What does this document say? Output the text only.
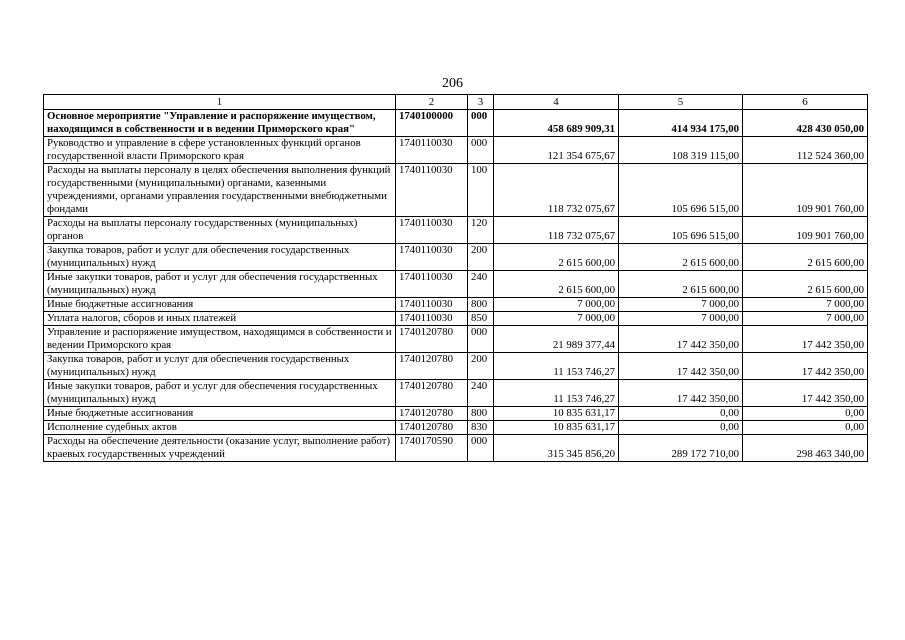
206
1	2	3	4	5	6
Основное мероприятие "Управление и распоряжение имуществом, находящимся в собственности и в ведении Приморского края"	1740100000	000	458 689 909,31	414 934 175,00	428 430 050,00
Руководство и управление в сфере установленных функций органов государственной власти Приморского края	1740110030	000	121 354 675,67	108 319 115,00	112 524 360,00
Расходы на выплаты персоналу в целях обеспечения выполнения функций государственными (муниципальными) органами, казенными учреждениями, органами управления государственными внебюджетными фондами	1740110030	100	118 732 075,67	105 696 515,00	109 901 760,00
Расходы на выплаты персоналу государственных (муниципальных) органов	1740110030	120	118 732 075,67	105 696 515,00	109 901 760,00
Закупка товаров, работ и услуг для обеспечения государственных (муниципальных) нужд	1740110030	200	2 615 600,00	2 615 600,00	2 615 600,00
Иные закупки товаров, работ и услуг для обеспечения государственных (муниципальных) нужд	1740110030	240	2 615 600,00	2 615 600,00	2 615 600,00
Иные бюджетные ассигнования	1740110030	800	7 000,00	7 000,00	7 000,00
Уплата налогов, сборов и иных платежей	1740110030	850	7 000,00	7 000,00	7 000,00
Управление и распоряжение имуществом, находящимся в собственности и ведении Приморского края	1740120780	000	21 989 377,44	17 442 350,00	17 442 350,00
Закупка товаров, работ и услуг для обеспечения государственных (муниципальных) нужд	1740120780	200	11 153 746,27	17 442 350,00	17 442 350,00
Иные закупки товаров, работ и услуг для обеспечения государственных (муниципальных) нужд	1740120780	240	11 153 746,27	17 442 350,00	17 442 350,00
Иные бюджетные ассигнования	1740120780	800	10 835 631,17	0,00	0,00
Исполнение судебных актов	1740120780	830	10 835 631,17	0,00	0,00
Расходы на обеспечение деятельности (оказание услуг, выполнение работ) краевых государственных учреждений	1740170590	000	315 345 856,20	289 172 710,00	298 463 340,00
